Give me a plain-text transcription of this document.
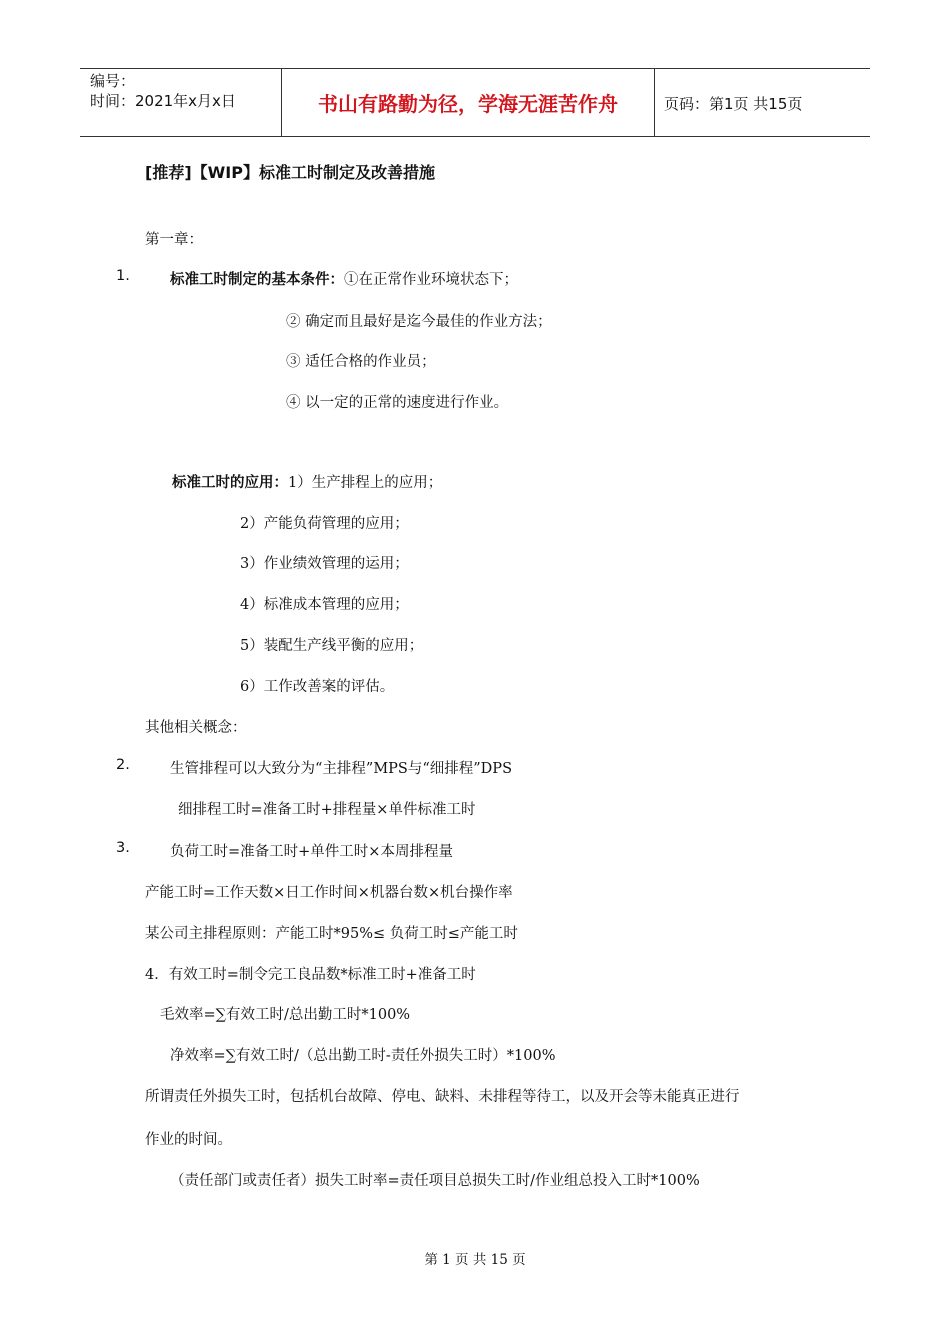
编号：
时间：2021年x月x日	书山有路勤为径，学海无涯苦作舟	页码：第1页 共15页
[推荐]【WIP】标准工时制定及改善措施
第一章：
1.	标准工时制定的基本条件：①在正常作业环境状态下；
② 确定而且最好是迄今最佳的作业方法；
③ 适任合格的作业员；
④ 以一定的正常的速度进行作业。
标准工时的应用：1）生产排程上的应用；
2）产能负荷管理的应用；
3）作业绩效管理的运用；
4）标准成本管理的应用；
5）装配生产线平衡的应用；
6）工作改善案的评估。
其他相关概念：
2.	生管排程可以大致分为“主排程”MPS与“细排程”DPS
细排程工时=准备工时+排程量×单件标准工时
3.	负荷工时=准备工时+单件工时×本周排程量
产能工时=工作天数×日工作时间×机器台数×机台操作率
某公司主排程原则：产能工时*95%≤ 负荷工时≤产能工时
4．有效工时=制令完工良品数*标准工时+准备工时
毛效率=∑有效工时/总出勤工时*100%
净效率=∑有效工时/（总出勤工时-责任外损失工时）*100%
所谓责任外损失工时，包括机台故障、停电、缺料、未排程等待工，以及开会等未能真正进行
作业的时间。
（责任部门或责任者）损失工时率=责任项目总损失工时/作业组总投入工时*100%
第 1 页 共 15 页
